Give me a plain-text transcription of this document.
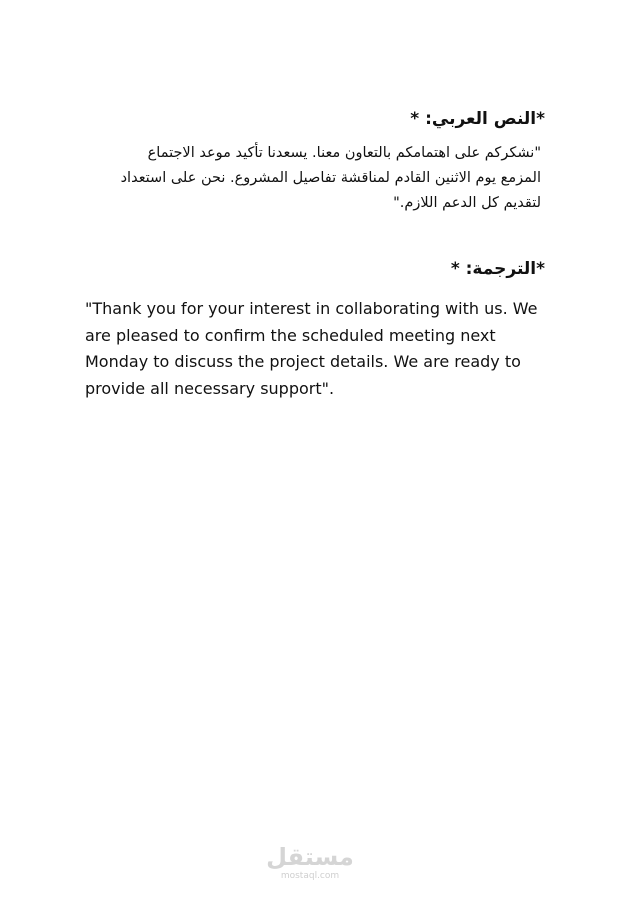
*النص العربي: *
"نشكركم على اهتمامكم بالتعاون معنا. يسعدنا تأكيد موعد الاجتماع
المزمع يوم الاثنين القادم لمناقشة تفاصيل المشروع. نحن على استعداد
لتقديم كل الدعم اللازم."
*الترجمة: *
"Thank you for your interest in collaborating with us. We
are pleased to confirm the scheduled meeting next
Monday to discuss the project details. We are ready to
provide all necessary support".
مستقل
mostaql.com
